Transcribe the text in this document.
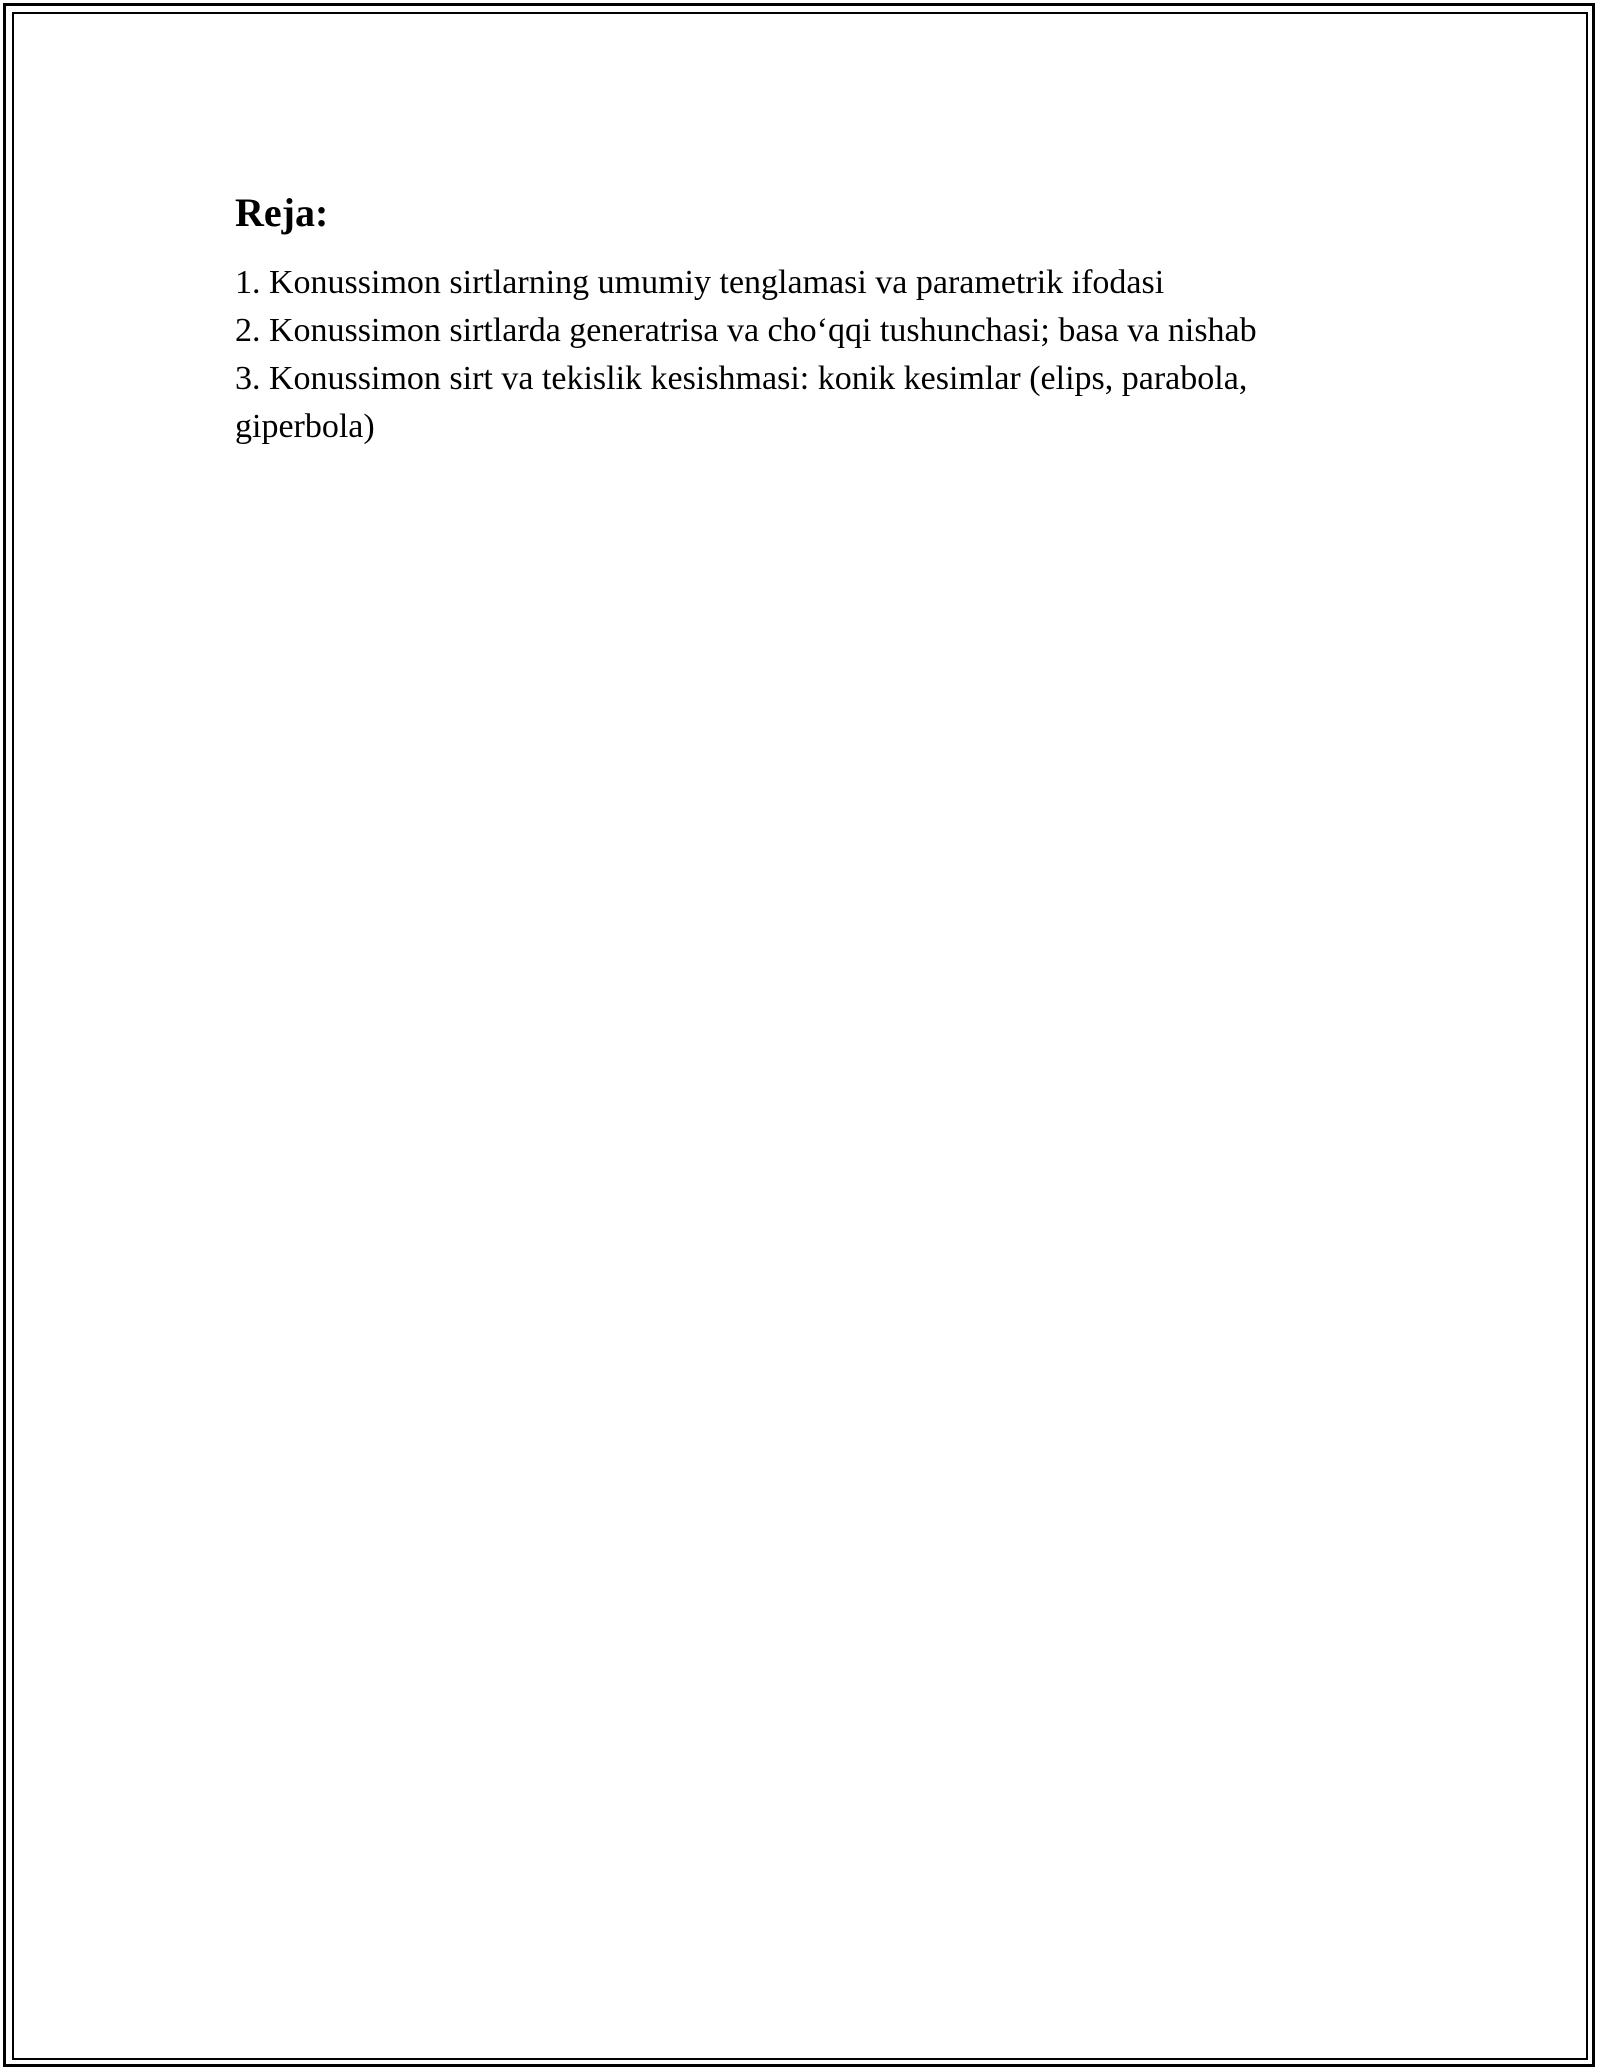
Reja:
1. Konussimon sirtlarning umumiy tenglamasi va parametrik ifodasi
2. Konussimon sirtlarda generatrisa va cho‘qqi tushunchasi; basa va nishab
3. Konussimon sirt va tekislik kesishmasi: konik kesimlar (elips, parabola, giperbola)
